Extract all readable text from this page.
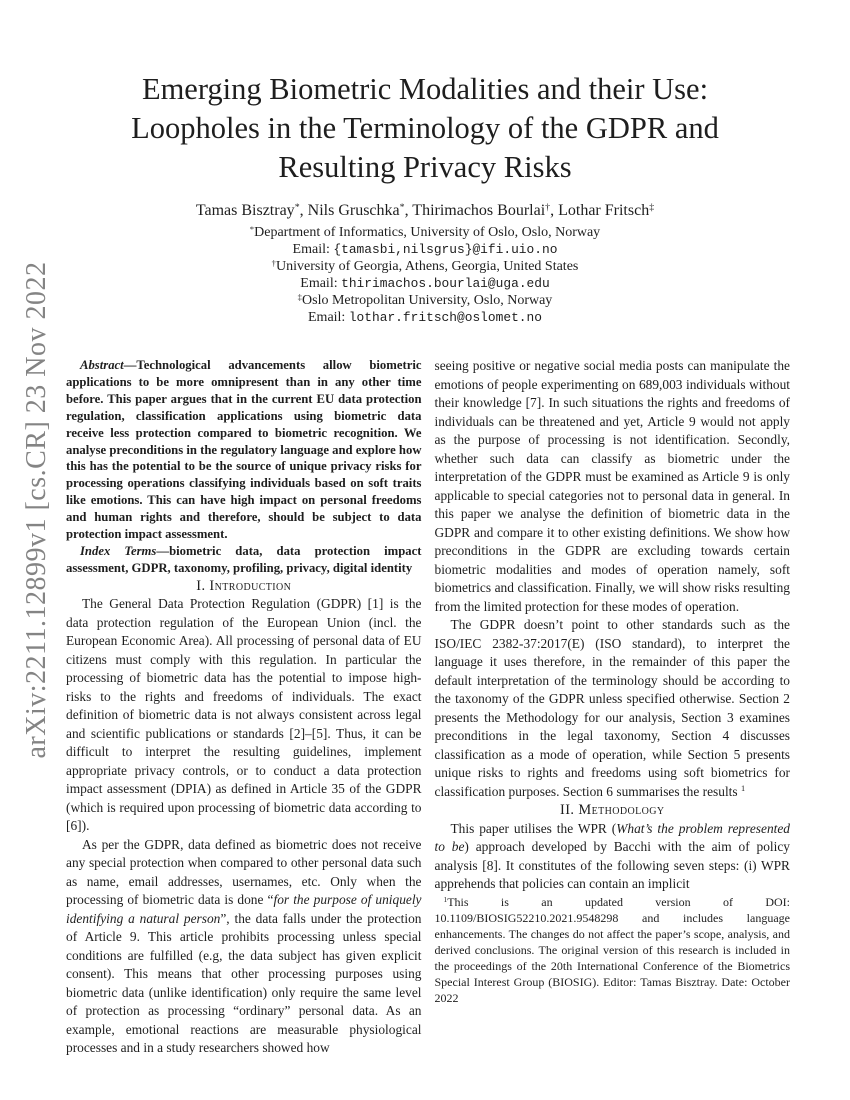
arXiv:2211.12899v1 [cs.CR] 23 Nov 2022
Emerging Biometric Modalities and their Use:
Loopholes in the Terminology of the GDPR and
Resulting Privacy Risks
Tamas Bisztray*, Nils Gruschka*, Thirimachos Bourlai†, Lothar Fritsch‡
*Department of Informatics, University of Oslo, Oslo, Norway
Email: {tamasbi,nilsgrus}@ifi.uio.no
†University of Georgia, Athens, Georgia, United States
Email: thirimachos.bourlai@uga.edu
‡Oslo Metropolitan University, Oslo, Norway
Email: lothar.fritsch@oslomet.no

Abstract—Technological advancements allow biometric applications to be more omnipresent than in any other time before. This paper argues that in the current EU data protection regulation, classification applications using biometric data receive less protection compared to biometric recognition. We analyse preconditions in the regulatory language and explore how this has the potential to be the source of unique privacy risks for processing operations classifying individuals based on soft traits like emotions. This can have high impact on personal freedoms and human rights and therefore, should be subject to data protection impact assessment.

Index Terms—biometric data, data protection impact assessment, GDPR, taxonomy, profiling, privacy, digital identity

I. Introduction

The General Data Protection Regulation (GDPR) [1] is the data protection regulation of the European Union (incl. the European Economic Area). All processing of personal data of EU citizens must comply with this regulation. In particular the processing of biometric data has the potential to impose high-risks to the rights and freedoms of individuals. The exact definition of biometric data is not always consistent across legal and scientific publications or standards [2]–[5]. Thus, it can be difficult to interpret the resulting guidelines, implement appropriate privacy controls, or to conduct a data protection impact assessment (DPIA) as defined in Article 35 of the GDPR (which is required upon processing of biometric data according to [6]).

As per the GDPR, data defined as biometric does not receive any special protection when compared to other personal data such as name, email addresses, usernames, etc. Only when the processing of biometric data is done “for the purpose of uniquely identifying a natural person”, the data falls under the protection of Article 9. This article prohibits processing unless special conditions are fulfilled (e.g, the data subject has given explicit consent). This means that other processing purposes using biometric data (unlike identification) only require the same level of protection as processing “ordinary” personal data. As an example, emotional reactions are measurable physiological processes and in a study researchers showed how

seeing positive or negative social media posts can manipulate the emotions of people experimenting on 689,003 individuals without their knowledge [7]. In such situations the rights and freedoms of individuals can be threatened and yet, Article 9 would not apply as the purpose of processing is not identification. Secondly, whether such data can classify as biometric under the interpretation of the GDPR must be examined as Article 9 is only applicable to special categories not to personal data in general. In this paper we analyse the definition of biometric data in the GDPR and compare it to other existing definitions. We show how preconditions in the GDPR are excluding towards certain biometric modalities and modes of operation namely, soft biometrics and classification. Finally, we will show risks resulting from the limited protection for these modes of operation.

The GDPR doesn’t point to other standards such as the ISO/IEC 2382-37:2017(E) (ISO standard), to interpret the language it uses therefore, in the remainder of this paper the default interpretation of the terminology should be according to the taxonomy of the GDPR unless specified otherwise. Section 2 presents the Methodology for our analysis, Section 3 examines preconditions in the legal taxonomy, Section 4 discusses classification as a mode of operation, while Section 5 presents unique risks to rights and freedoms using soft biometrics for classification purposes. Section 6 summarises the results $^1$

II. Methodology

This paper utilises the WPR (What’s the problem represented to be) approach developed by Bacchi with the aim of policy analysis [8]. It constitutes of the following seven steps: (i) WPR apprehends that policies can contain an implicit

$^1$This is an updated version of DOI: 10.1109/BIOSIG52210.2021.9548298 and includes language enhancements. The changes do not affect the paper’s scope, analysis, and derived conclusions. The original version of this research is included in the proceedings of the 20th International Conference of the Biometrics Special Interest Group (BIOSIG). Editor: Tamas Bisztray. Date: October 2022
